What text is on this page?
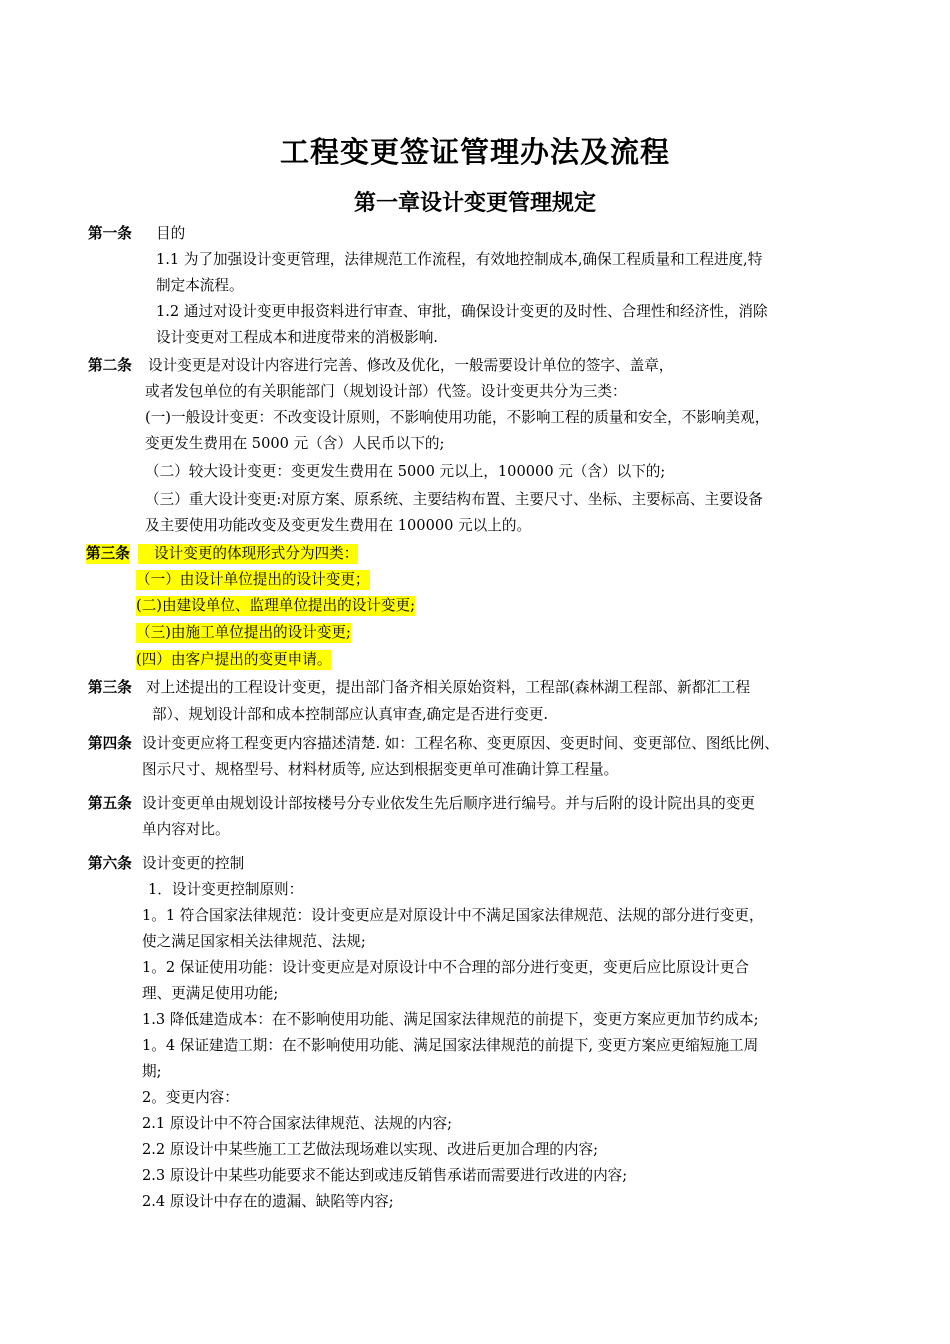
工程变更签证管理办法及流程
第一章设计变更管理规定
第一条 目的
1.1 为了加强设计变更管理，法律规范工作流程，有效地控制成本,确保工程质量和工程进度,特
制定本流程。
1.2 通过对设计变更申报资料进行审查、审批，确保设计变更的及时性、合理性和经济性，消除
设计变更对工程成本和进度带来的消极影响.
第二条 设计变更是对设计内容进行完善、修改及优化，一般需要设计单位的签字、盖章，
或者发包单位的有关职能部门（规划设计部）代签。设计变更共分为三类：
(一)一般设计变更：不改变设计原则，不影响使用功能，不影响工程的质量和安全，不影响美观，
变更发生费用在 5000 元（含）人民币以下的;
（二）较大设计变更：变更发生费用在 5000 元以上，100000 元（含）以下的;
（三）重大设计变更:对原方案、原系统、主要结构布置、主要尺寸、坐标、主要标高、主要设备
及主要使用功能改变及变更发生费用在 100000 元以上的。
第三条	设计变更的体现形式分为四类：
（一）由设计单位提出的设计变更；
(二)由建设单位、监理单位提出的设计变更;
（三)由施工单位提出的设计变更;
(四）由客户提出的变更申请。
第三条 对上述提出的工程设计变更，提出部门备齐相关原始资料，工程部(森林湖工程部、新都汇工程
部）、规划设计部和成本控制部应认真审查,确定是否进行变更.
第四条 设计变更应将工程变更内容描述清楚. 如：工程名称、变更原因、变更时间、变更部位、图纸比例、
图示尺寸、规格型号、材料材质等, 应达到根据变更单可准确计算工程量。
第五条 设计变更单由规划设计部按楼号分专业依发生先后顺序进行编号。并与后附的设计院出具的变更
单内容对比。
第六条 设计变更的控制
1．设计变更控制原则：
1。1 符合国家法律规范：设计变更应是对原设计中不满足国家法律规范、法规的部分进行变更，
使之满足国家相关法律规范、法规;
1。2 保证使用功能：设计变更应是对原设计中不合理的部分进行变更，变更后应比原设计更合
理、更满足使用功能;
1.3 降低建造成本：在不影响使用功能、满足国家法律规范的前提下，变更方案应更加节约成本;
1。4 保证建造工期：在不影响使用功能、满足国家法律规范的前提下, 变更方案应更缩短施工周
期;
2。变更内容：
2.1 原设计中不符合国家法律规范、法规的内容;
2.2 原设计中某些施工工艺做法现场难以实现、改进后更加合理的内容;
2.3 原设计中某些功能要求不能达到或违反销售承诺而需要进行改进的内容;
2.4 原设计中存在的遗漏、缺陷等内容;
